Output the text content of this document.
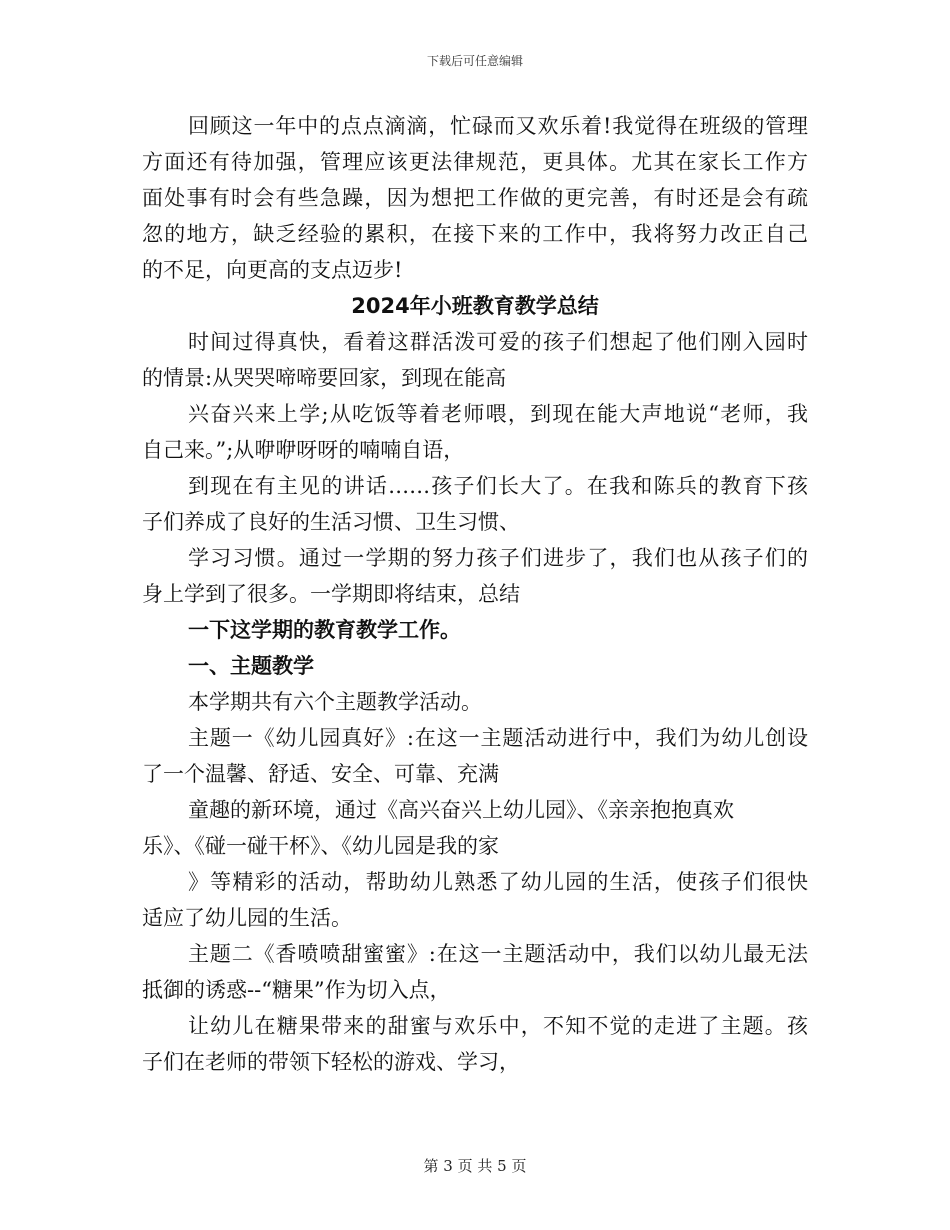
下载后可任意编辑
回顾这一年中的点点滴滴，忙碌而又欢乐着!我觉得在班级的管理
方面还有待加强，管理应该更法律规范，更具体。尤其在家长工作方
面处事有时会有些急躁，因为想把工作做的更完善，有时还是会有疏
忽的地方，缺乏经验的累积，在接下来的工作中，我将努力改正自己
的不足，向更高的支点迈步!
2024年小班教育教学总结
时间过得真快，看着这群活泼可爱的孩子们想起了他们刚入园时
的情景:从哭哭啼啼要回家，到现在能高
兴奋兴来上学;从吃饭等着老师喂，到现在能大声地说“老师，我
自己来。”;从咿咿呀呀的喃喃自语，
到现在有主见的讲话……孩子们长大了。在我和陈兵的教育下孩
子们养成了良好的生活习惯、卫生习惯、
学习习惯。通过一学期的努力孩子们进步了，我们也从孩子们的
身上学到了很多。一学期即将结束，总结
一下这学期的教育教学工作。
一、主题教学
本学期共有六个主题教学活动。
主题一《幼儿园真好》:在这一主题活动进行中，我们为幼儿创设
了一个温馨、舒适、安全、可靠、充满
童趣的新环境，通过《高兴奋兴上幼儿园》、《亲亲抱抱真欢
乐》、《碰一碰干杯》、《幼儿园是我的家
》等精彩的活动，帮助幼儿熟悉了幼儿园的生活，使孩子们很快
适应了幼儿园的生活。
主题二《香喷喷甜蜜蜜》:在这一主题活动中，我们以幼儿最无法
抵御的诱惑--“糖果”作为切入点，
让幼儿在糖果带来的甜蜜与欢乐中，不知不觉的走进了主题。孩
子们在老师的带领下轻松的游戏、学习，
第 3 页 共 5 页
